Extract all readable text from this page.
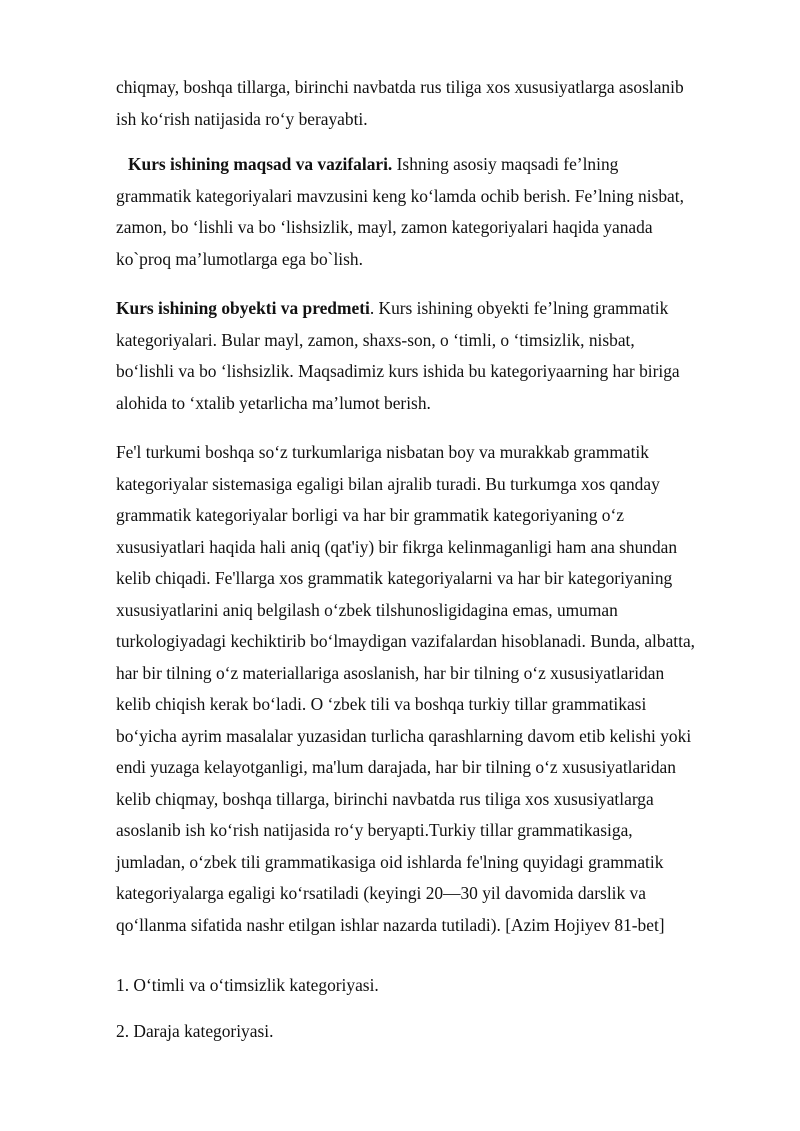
chiqmay, boshqa tillarga, birinchi navbatda rus tiliga xos xususiyatlarga asoslanib
ish ko‘rish natijasida ro‘y berayabti.

Kurs ishining maqsad va vazifalari. Ishning asosiy maqsadi fe’lning
grammatik kategoriyalari mavzusini keng ko‘lamda ochib berish. Fe’lning nisbat,
zamon, bo ‘lishli va bo ‘lishsizlik, mayl, zamon kategoriyalari haqida yanada
ko`proq ma’lumotlarga ega bo`lish.

Kurs ishining obyekti va predmeti. Kurs ishining obyekti fe’lning grammatik
kategoriyalari. Bular mayl, zamon, shaxs-son, o ‘timli, o ‘timsizlik, nisbat,
bo‘lishli va bo ‘lishsizlik. Maqsadimiz kurs ishida bu kategoriyaarning har biriga
alohida to ‘xtalib yetarlicha ma’lumot berish.

Fe'l turkumi boshqa so‘z turkumlariga nisbatan boy va murakkab grammatik
kategoriyalar sistemasiga egaligi bilan ajralib turadi. Bu turkumga xos qanday
grammatik kategoriyalar borligi va har bir grammatik kategoriyaning o‘z
xususiyatlari haqida hali aniq (qat'iy) bir fikrga kelinmaganligi ham ana shundan
kelib chiqadi. Fe'llarga xos grammatik kategoriyalarni va har bir kategoriyaning
xususiyatlarini aniq belgilash o‘zbek tilshunosligidagina emas, umuman
turkologiyadagi kechiktirib bo‘lmaydigan vazifalardan hisoblanadi. Bunda, albatta,
har bir tilning o‘z materiallariga asoslanish, har bir tilning o‘z xususiyatlaridan
kelib chiqish kerak bo‘ladi. O ‘zbek tili va boshqa turkiy tillar grammatikasi
bo‘yicha ayrim masalalar yuzasidan turlicha qarashlarning davom etib kelishi yoki
endi yuzaga kelayotganligi, ma'lum darajada, har bir tilning o‘z xususiyatlaridan
kelib chiqmay, boshqa tillarga, birinchi navbatda rus tiliga xos xususiyatlarga
asoslanib ish ko‘rish natijasida ro‘y beryapti.Turkiy tillar grammatikasiga,
jumladan, o‘zbek tili grammatikasiga oid ishlarda fe'lning quyidagi grammatik
kategoriyalarga egaligi ko‘rsatiladi (keyingi 20—30 yil davomida darslik va
qo‘llanma sifatida nashr etilgan ishlar nazarda tutiladi). [Azim Hojiyev 81-bet]

1. O‘timli va o‘timsizlik kategoriyasi.

2. Daraja kategoriyasi.
